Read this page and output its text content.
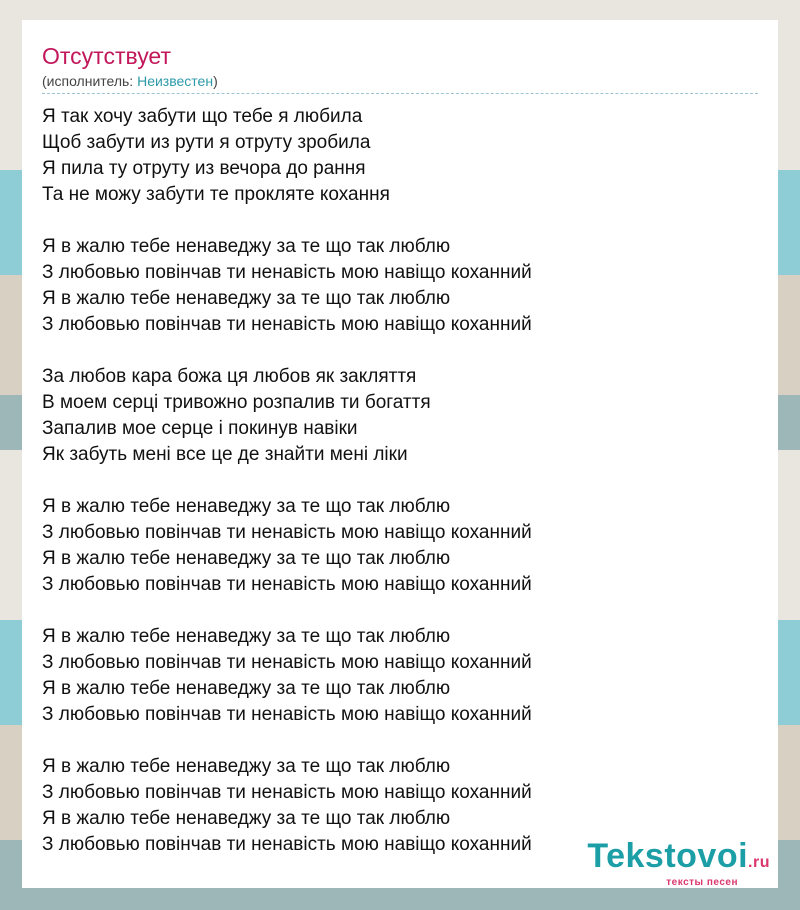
Отсутствует
(исполнитель: Неизвестен)
Я так хочу забути що тебе я любила
Щоб забути из рути я отруту зробила
Я пила ту отруту из вечора до рання
Та не можу забути те прокляте кохання
Я в жалю тебе ненаведжу за те що так люблю
З любовью повінчав ти ненавість мою навіщо коханний
Я в жалю тебе ненаведжу за те що так люблю
З любовью повінчав ти ненавість мою навіщо коханний
За любов кара божа ця любов як закляття
В моем серці тривожно розпалив ти богаття
Запалив мое серце і покинув навіки
Як забуть мені все це де знайти мені ліки
Я в жалю тебе ненаведжу за те що так люблю
З любовью повінчав ти ненавість мою навіщо коханний
Я в жалю тебе ненаведжу за те що так люблю
З любовью повінчав ти ненавість мою навіщо коханний
Я в жалю тебе ненаведжу за те що так люблю
З любовью повінчав ти ненавість мою навіщо коханний
Я в жалю тебе ненаведжу за те що так люблю
З любовью повінчав ти ненавість мою навіщо коханний
Я в жалю тебе ненаведжу за те що так люблю
З любовью повінчав ти ненавість мою навіщо коханний
Я в жалю тебе ненаведжу за те що так люблю
З любовью повінчав ти ненавість мою навіщо коханний	Tekstovoi.ru
тексты песен
